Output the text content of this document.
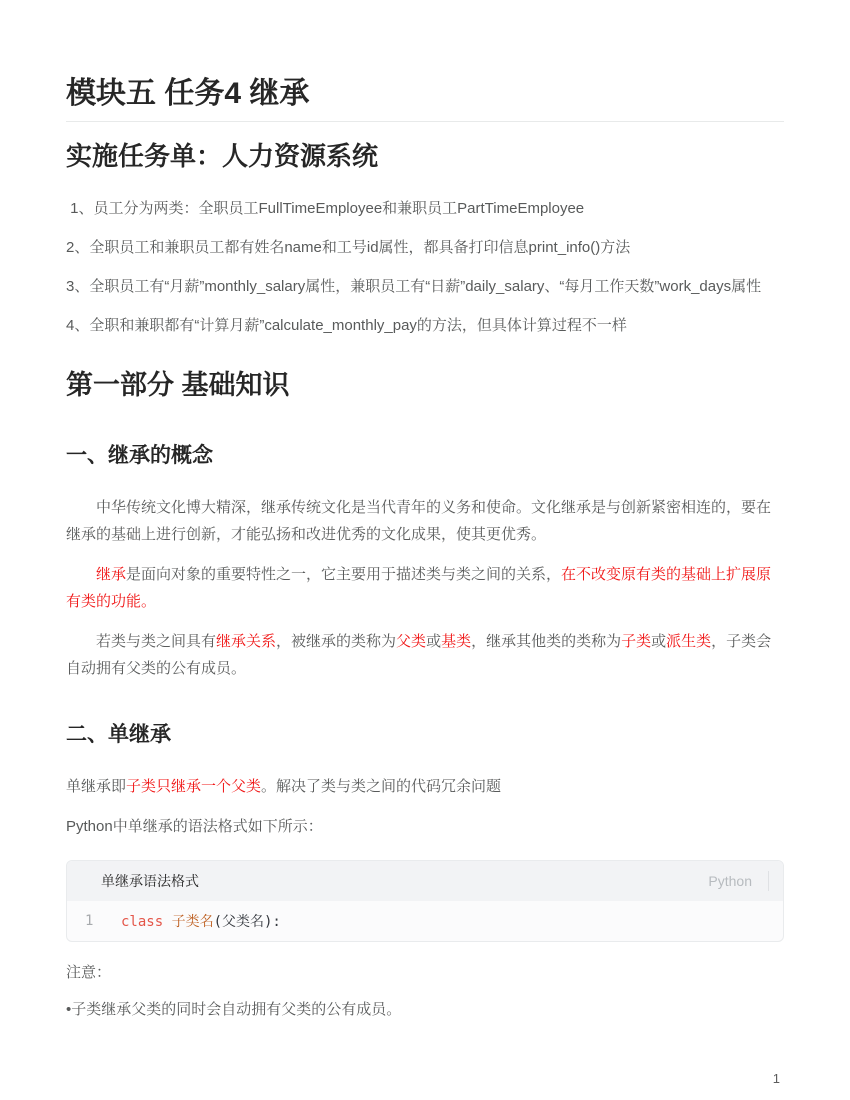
模块五 任务4 继承
实施任务单：人力资源系统

1、员工分为两类：全职员工FullTimeEmployee和兼职员工PartTimeEmployee

2、全职员工和兼职员工都有姓名name和工号id属性，都具备打印信息print_info()方法

3、全职员工有“月薪”monthly_salary属性，兼职员工有“日薪”daily_salary、“每月工作天数”work_days属性

4、全职和兼职都有“计算月薪”calculate_monthly_pay的方法，但具体计算过程不一样

第一部分 基础知识
一、继承的概念

中华传统文化博大精深，继承传统文化是当代青年的义务和使命。文化继承是与创新紧密相连的，要在继承的基础上进行创新，才能弘扬和改进优秀的文化成果，使其更优秀。

继承是面向对象的重要特性之一，它主要用于描述类与类之间的关系，在不改变原有类的基础上扩展原有类的功能。

若类与类之间具有继承关系，被继承的类称为父类或基类，继承其他类的类称为子类或派生类，子类会自动拥有父类的公有成员。

二、单继承

单继承即子类只继承一个父类。解决了类与类之间的代码冗余问题

Python中单继承的语法格式如下所示：

单继承语法格式	Python
1	class 子类名(父类名):

注意：

•子类继承父类的同时会自动拥有父类的公有成员。

1
